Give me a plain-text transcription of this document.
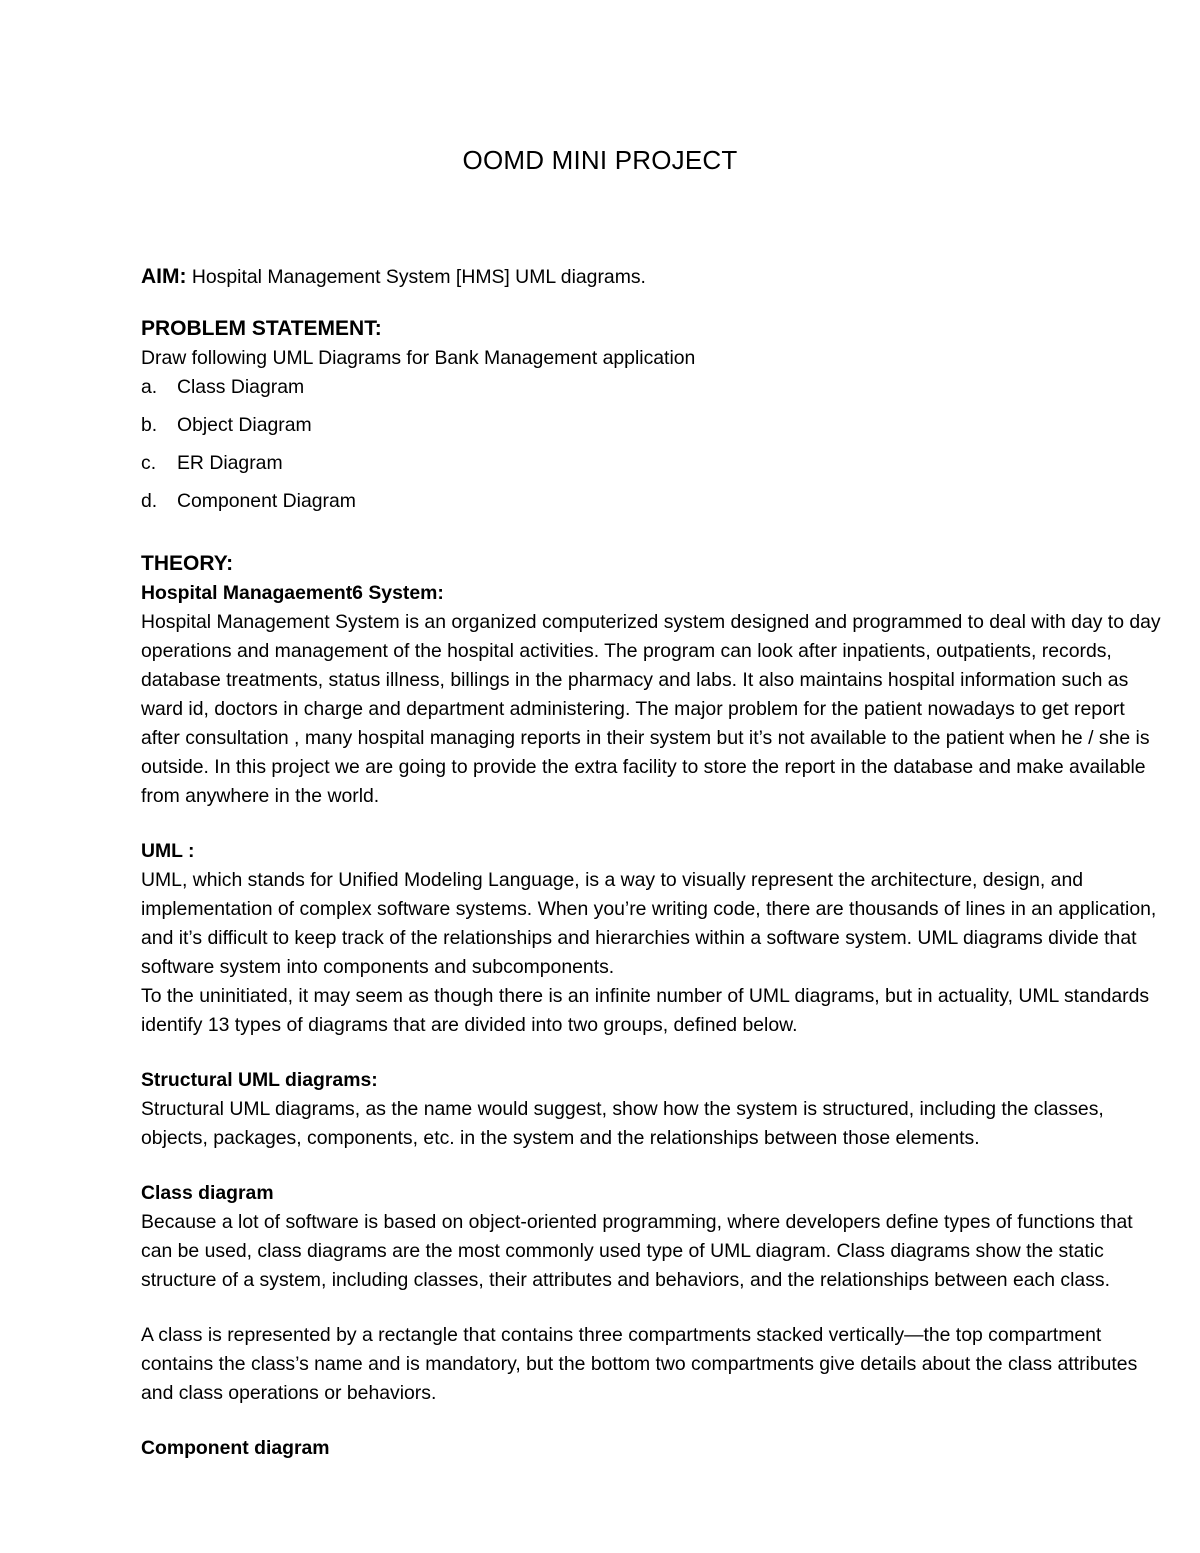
OOMD MINI PROJECT
AIM: Hospital Management System [HMS] UML diagrams.
PROBLEM STATEMENT:
Draw following UML Diagrams for Bank Management application
a.	Class Diagram
b.	Object Diagram
c.	ER Diagram
d.	Component Diagram
THEORY:
Hospital Managaement6 System:

Hospital Management System is an organized computerized system designed and programmed to deal with day to day operations and management of the hospital activities. The program can look after inpatients, outpatients, records, database treatments, status illness, billings in the pharmacy and labs. It also maintains hospital information such as ward id, doctors in charge and department administering. The major problem for the patient nowadays to get report after consultation , many hospital managing reports in their system but it’s not available to the patient when he / she is outside. In this project we are going to provide the extra facility to store the report in the database and make available from anywhere in the world.

UML :

UML, which stands for Unified Modeling Language, is a way to visually represent the architecture, design, and implementation of complex software systems. When you’re writing code, there are thousands of lines in an application, and it’s difficult to keep track of the relationships and hierarchies within a software system. UML diagrams divide that software system into components and subcomponents.

To the uninitiated, it may seem as though there is an infinite number of UML diagrams, but in actuality, UML standards identify 13 types of diagrams that are divided into two groups, defined below.

Structural UML diagrams:

Structural UML diagrams, as the name would suggest, show how the system is structured, including the classes, objects, packages, components, etc. in the system and the relationships between those elements.

Class diagram

Because a lot of software is based on object-oriented programming, where developers define types of functions that can be used, class diagrams are the most commonly used type of UML diagram. Class diagrams show the static structure of a system, including classes, their attributes and behaviors, and the relationships between each class.

A class is represented by a rectangle that contains three compartments stacked vertically—the top compartment contains the class’s name and is mandatory, but the bottom two compartments give details about the class attributes and class operations or behaviors.

Component diagram
